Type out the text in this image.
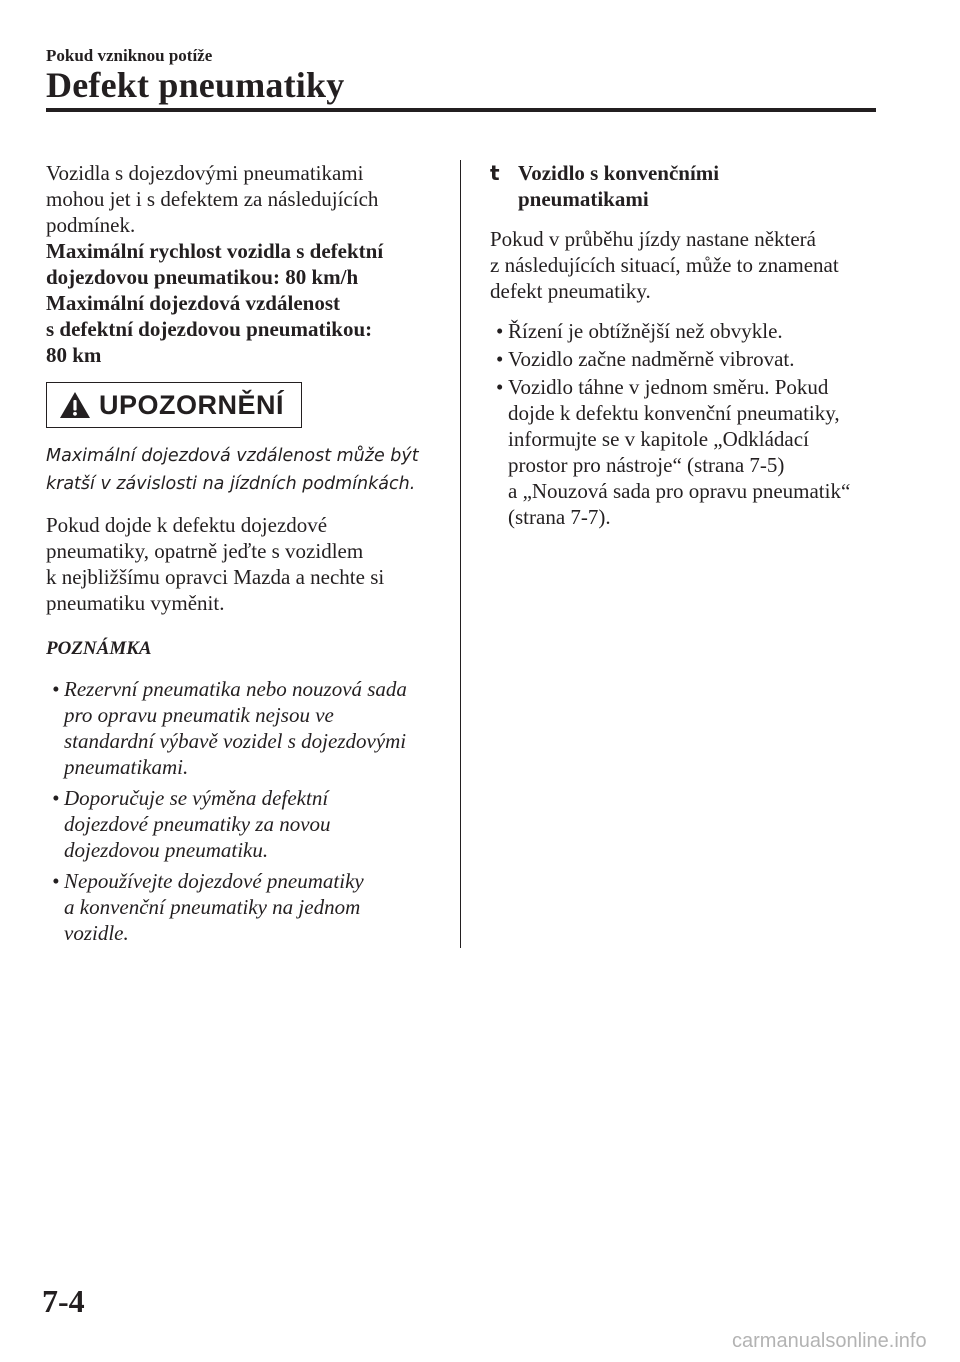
Pokud vzniknou potíže
Defekt pneumatiky

Vozidla s dojezdovými pneumatikami
mohou jet i s defektem za následujících
podmínek.

Maximální rychlost vozidla s defektní
dojezdovou pneumatikou: 80 km/h
Maximální dojezdová vzdálenost
s defektní dojezdovou pneumatikou:
80 km

UPOZORNĚNÍ

Maximální dojezdová vzdálenost může být
kratší v závislosti na jízdních podmínkách.

Pokud dojde k defektu dojezdové
pneumatiky, opatrně jeďte s vozidlem
k nejbližšímu opravci Mazda a nechte si
pneumatiku vyměnit.

POZNÁMKA

• Rezervní pneumatika nebo nouzová sada
pro opravu pneumatik nejsou ve
standardní výbavě vozidel s dojezdovými
pneumatikami.
• Doporučuje se výměna defektní
dojezdové pneumatiky za novou
dojezdovou pneumatiku.
• Nepoužívejte dojezdové pneumatiky
a konvenční pneumatiky na jednom
vozidle.
t Vozidlo s konvenčními
pneumatikami

Pokud v průběhu jízdy nastane některá
z následujících situací, může to znamenat
defekt pneumatiky.

• Řízení je obtížnější než obvykle.
• Vozidlo začne nadměrně vibrovat.
• Vozidlo táhne v jednom směru. Pokud
dojde k defektu konvenční pneumatiky,
informujte se v kapitole „Odkládací
prostor pro nástroje“ (strana 7-5)
a „Nouzová sada pro opravu pneumatik“
(strana 7-7).
7-4
carmanualsonline.info
